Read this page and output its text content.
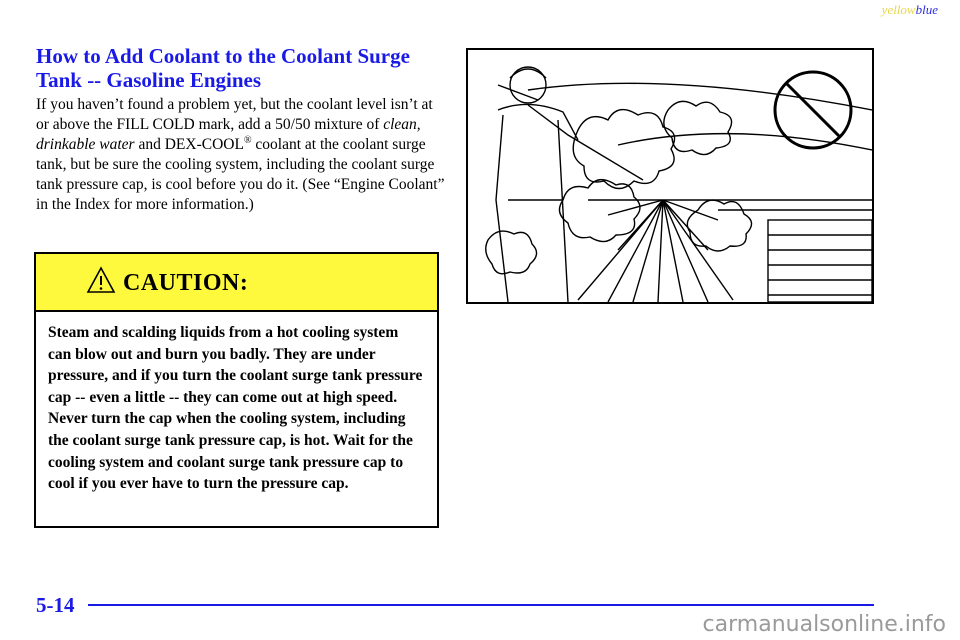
yellowblue
How to Add Coolant to the Coolant Surge Tank -- Gasoline Engines

If you haven’t found a problem yet, but the coolant level isn’t at or above the FILL COLD mark, add a 50/50 mixture of clean, drinkable water and DEX-COOL® coolant at the coolant surge tank, but be sure the cooling system, including the coolant surge tank pressure cap, is cool before you do it. (See “Engine Coolant” in the Index for more information.)

CAUTION:
Steam and scalding liquids from a hot cooling system can blow out and burn you badly. They are under pressure, and if you turn the coolant surge tank pressure cap -- even a little -- they can come out at high speed. Never turn the cap when the cooling system, including the coolant surge tank pressure cap, is hot. Wait for the cooling system and coolant surge tank pressure cap to cool if you ever have to turn the pressure cap.
5-14
carmanualsonline.info
